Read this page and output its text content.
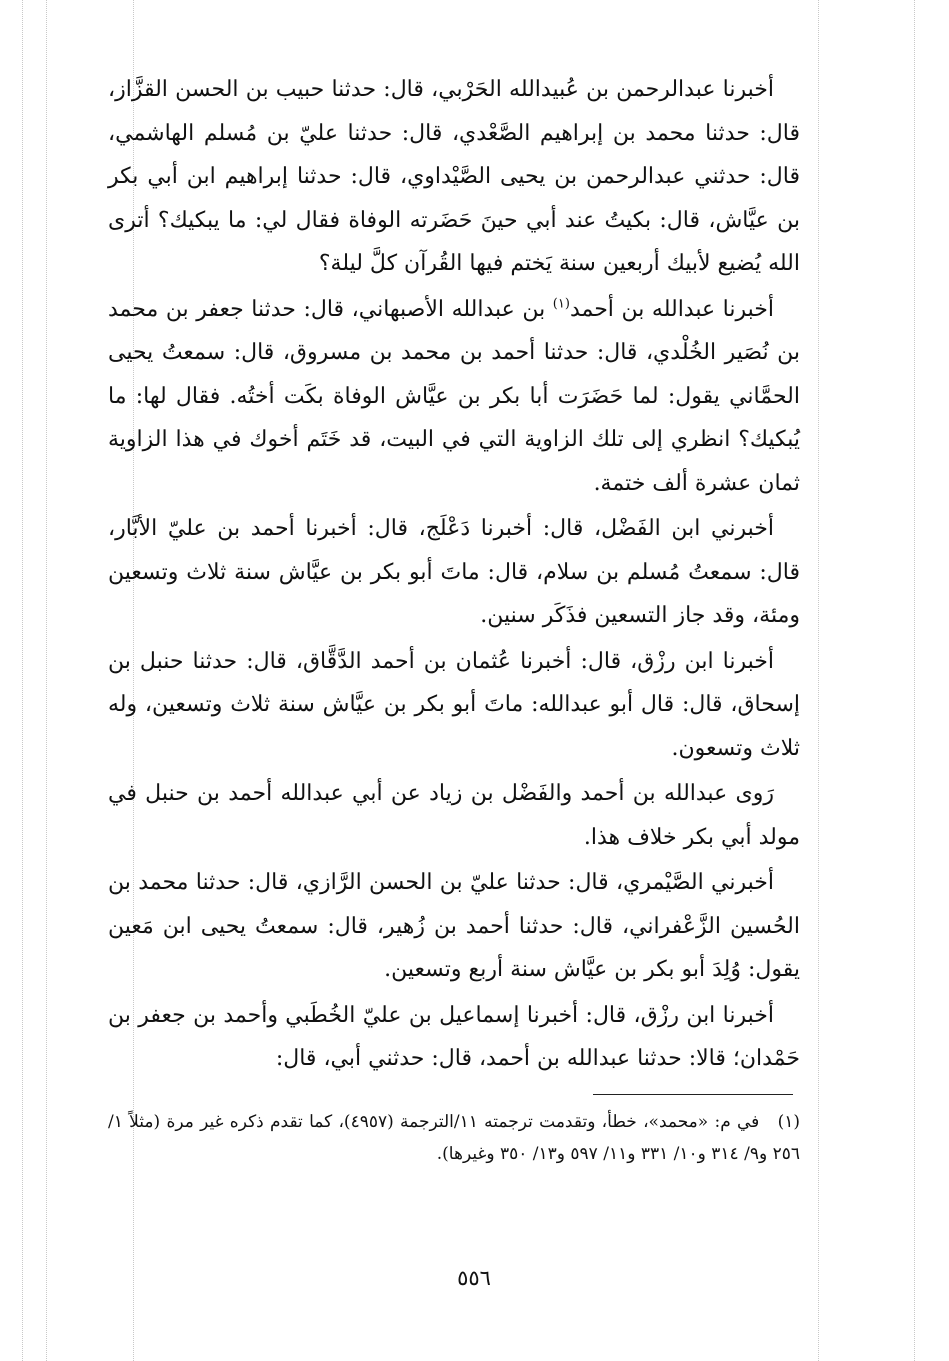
أخبرنا عبدالرحمن بن عُبيدالله الحَرْبي، قال: حدثنا حبيب بن الحسن القزَّاز، قال: حدثنا محمد بن إبراهيم الصَّعْدي، قال: حدثنا عليّ بن مُسلم الهاشمي، قال: حدثني عبدالرحمن بن يحيى الصَّيْداوي، قال: حدثنا إبراهيم ابن أبي بكر بن عيَّاش، قال: بكيتُ عند أبي حينَ حَضَرته الوفاة فقال لي: ما يبكيك؟ أترى الله يُضيع لأبيك أربعين سنة يَختم فيها القُرآن كلَّ ليلة؟

أخبرنا عبدالله بن أحمد$^{(١)}$ بن عبدالله الأصبهاني، قال: حدثنا جعفر بن محمد بن نُصَير الخُلْدي، قال: حدثنا أحمد بن محمد بن مسروق، قال: سمعتُ يحيى الحمَّاني يقول: لما حَضَرَت أبا بكر بن عيَّاش الوفاة بكَت أختُه. فقال لها: ما يُبكيك؟ انظري إلى تلك الزاوية التي في البيت، قد خَتَم أخوك في هذا الزاوية ثمان عشرة ألف ختمة.

أخبرني ابن الفَضْل، قال: أخبرنا دَعْلَج، قال: أخبرنا أحمد بن عليّ الأبَّار، قال: سمعتُ مُسلم بن سلام، قال: ماتَ أبو بكر بن عيَّاش سنة ثلاث وتسعين ومئة، وقد جاز التسعين فذَكَر سنين.

أخبرنا ابن رزْق، قال: أخبرنا عُثمان بن أحمد الدَّقَّاق، قال: حدثنا حنبل بن إسحاق، قال: قال أبو عبدالله: ماتَ أبو بكر بن عيَّاش سنة ثلاث وتسعين، وله ثلاث وتسعون.

رَوى عبدالله بن أحمد والفَضْل بن زياد عن أبي عبدالله أحمد بن حنبل في مولد أبي بكر خلاف هذا.

أخبرني الصَّيْمري، قال: حدثنا عليّ بن الحسن الرَّازي، قال: حدثنا محمد بن الحُسين الزَّعْفراني، قال: حدثنا أحمد بن زُهير، قال: سمعتُ يحيى ابن مَعين يقول: وُلِدَ أبو بكر بن عيَّاش سنة أربع وتسعين.

أخبرنا ابن رزْق، قال: أخبرنا إسماعيل بن عليّ الخُطَبي وأحمد بن جعفر بن حَمْدان؛ قالا: حدثنا عبدالله بن أحمد، قال: حدثني أبي، قال:

(١) في م: «محمد»، خطأ، وتقدمت ترجمته ١١/الترجمة (٤٩٥٧)، كما تقدم ذكره غير مرة (مثلاً ١/ ٢٥٦ و٩/ ٣١٤ و١٠/ ٣٣١ و١١/ ٥٩٧ و١٣/ ٣٥٠ وغيرها).
٥٥٦
